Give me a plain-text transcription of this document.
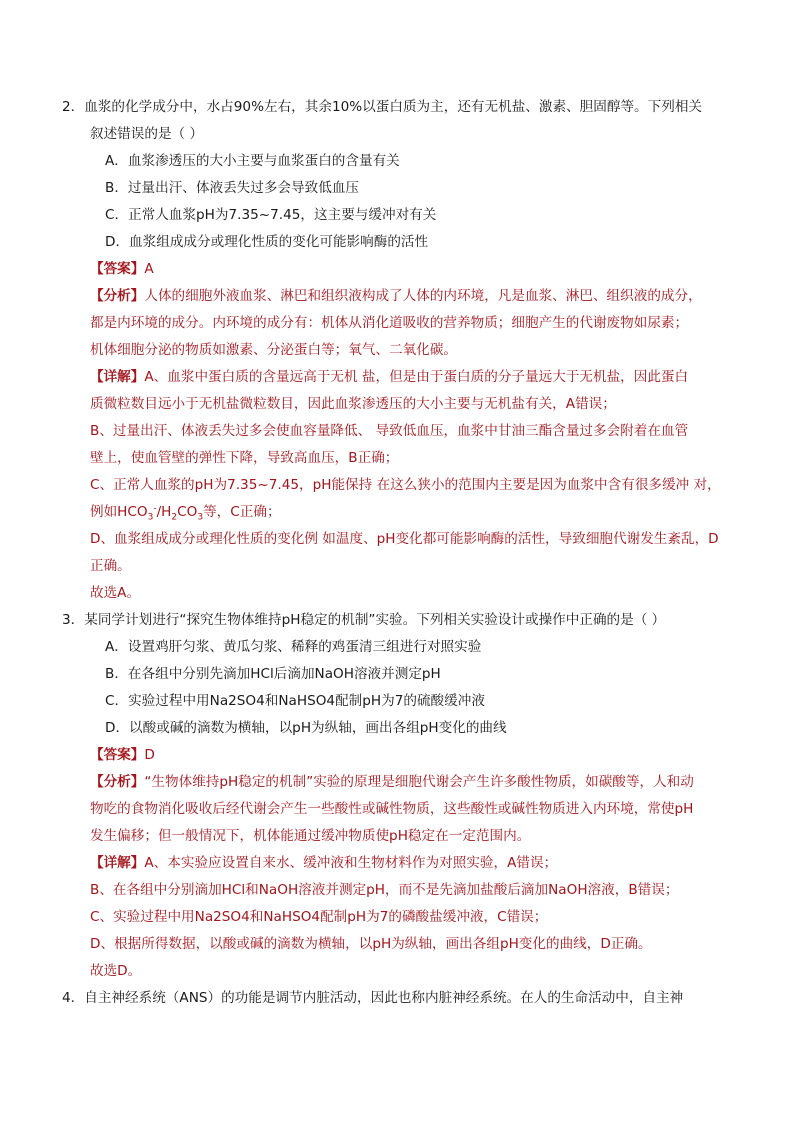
2．血浆的化学成分中，水占90%左右，其余10%以蛋白质为主，还有无机盐、激素、胆固醇等。下列相关
叙述错误的是（ ）
A．血浆渗透压的大小主要与血浆蛋白的含量有关
B．过量出汗、体液丢失过多会导致低血压
C．正常人血浆pH为7.35~7.45，这主要与缓冲对有关
D．血浆组成成分或理化性质的变化可能影响酶的活性
【答案】A
【分析】人体的细胞外液血浆、淋巴和组织液构成了人体的内环境，凡是血浆、淋巴、组织液的成分，
都是内环境的成分。内环境的成分有：机体从消化道吸收的营养物质；细胞产生的代谢废物如尿素；
机体细胞分泌的物质如激素、分泌蛋白等；氧气、二氧化碳。
【详解】A、血浆中蛋白质的含量远高于无机 盐，但是由于蛋白质的分子量远大于无机盐，因此蛋白
质微粒数目远小于无机盐微粒数目，因此血浆渗透压的大小主要与无机盐有关，A错误；
B、过量出汗、体液丢失过多会使血容量降低、 导致低血压，血浆中甘油三酯含量过多会附着在血管
壁上，使血管壁的弹性下降，导致高血压，B正确；
C、正常人血浆的pH为7.35~7.45，pH能保持 在这么狭小的范围内主要是因为血浆中含有很多缓冲 对，
例如$HCO_3^-/H_2CO_3$等，C正确；
D、血浆组成成分或理化性质的变化例 如温度、pH变化都可能影响酶的活性，导致细胞代谢发生紊乱，D
正确。
故选A。
3．某同学计划进行“探究生物体维持pH稳定的机制”实验。下列相关实验设计或操作中正确的是（ ）
A．设置鸡肝匀浆、黄瓜匀浆、稀释的鸡蛋清三组进行对照实验
B．在各组中分别先滴加HCl后滴加NaOH溶液并测定pH
C．实验过程中用Na2SO4和NaHSO4配制pH为7的硫酸缓冲液
D．以酸或碱的滴数为横轴，以pH为纵轴，画出各组pH变化的曲线
【答案】D
【分析】“生物体维持pH稳定的机制”实验的原理是细胞代谢会产生许多酸性物质，如碳酸等，人和动
物吃的食物消化吸收后经代谢会产生一些酸性或碱性物质，这些酸性或碱性物质进入内环境，常使pH
发生偏移；但一般情况下，机体能通过缓冲物质使pH稳定在一定范围内。
【详解】A、本实验应设置自来水、缓冲液和生物材料作为对照实验，A错误；
B、在各组中分别滴加HCl和NaOH溶液并测定pH，而不是先滴加盐酸后滴加NaOH溶液，B错误；
C、实验过程中用Na2SO4和NaHSO4配制pH为7的磷酸盐缓冲液，C错误；
D、根据所得数据，以酸或碱的滴数为横轴，以pH为纵轴，画出各组pH变化的曲线，D正确。
故选D。
4．自主神经系统（ANS）的功能是调节内脏活动，因此也称内脏神经系统。在人的生命活动中，自主神
